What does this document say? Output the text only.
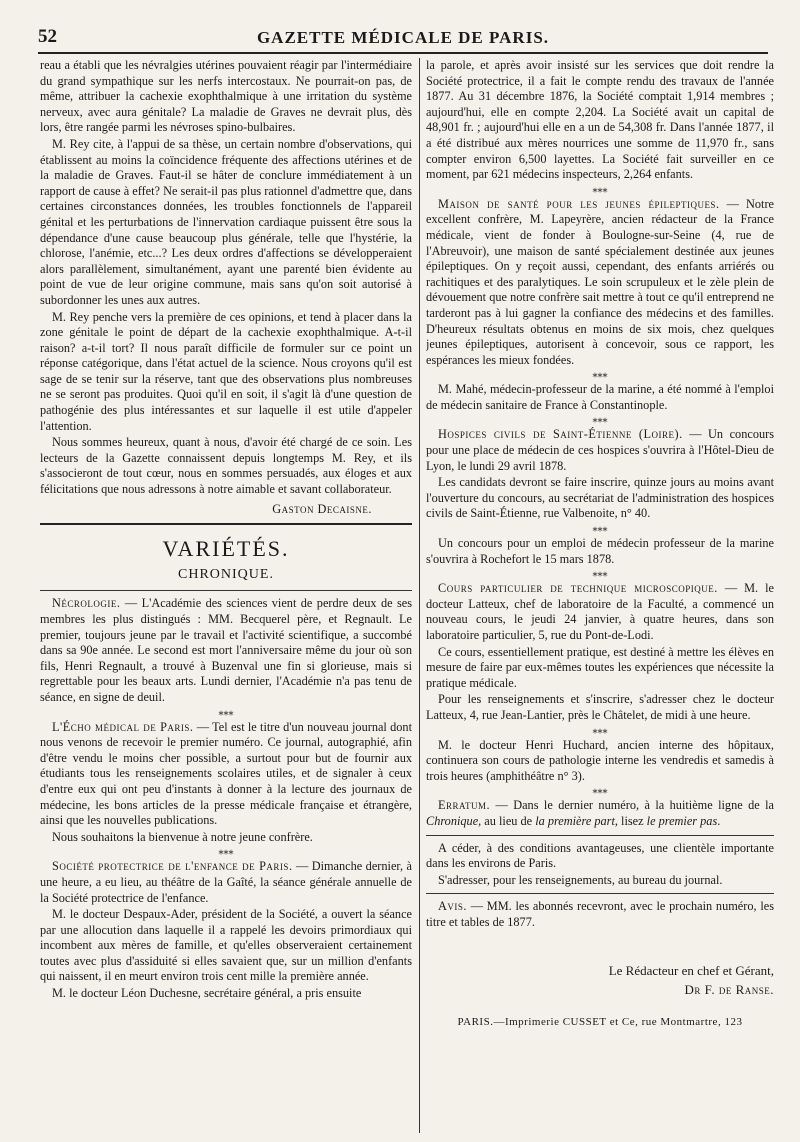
52	GAZETTE MÉDICALE DE PARIS.

reau a établi que les névralgies utérines pouvaient réagir par l'intermédiaire du grand sympathique sur les nerfs intercostaux. Ne pourrait-on pas, de même, attribuer la cachexie exophthalmique à une irritation du système nerveux, avec aura génitale? La maladie de Graves ne devrait plus, dès lors, être rangée parmi les névroses spino-bulbaires.

M. Rey cite, à l'appui de sa thèse, un certain nombre d'observations, qui établissent au moins la coïncidence fréquente des affections utérines et de la maladie de Graves. Faut-il se hâter de conclure immédiatement à un rapport de cause à effet? Ne serait-il pas plus rationnel d'admettre que, dans certaines circonstances données, les troubles fonctionnels de l'appareil génital et les perturbations de l'innervation cardiaque puissent être sous la dépendance d'une cause beaucoup plus générale, telle que l'hystérie, la chlorose, l'anémie, etc...? Les deux ordres d'affections se développeraient alors parallèlement, simultanément, ayant une parenté bien évidente au point de vue de leur origine commune, mais sans qu'on soit autorisé à subordonner les unes aux autres.

M. Rey penche vers la première de ces opinions, et tend à placer dans la zone génitale le point de départ de la cachexie exophthalmique. A-t-il raison? a-t-il tort? Il nous paraît difficile de formuler sur ce point un réponse catégorique, dans l'état actuel de la science. Nous croyons qu'il est sage de se tenir sur la réserve, tant que des observations plus nombreuses ne se seront pas produites. Quoi qu'il en soit, il s'agit là d'une question de pathogénie des plus intéressantes et sur laquelle il est utile d'appeler l'attention.

Nous sommes heureux, quant à nous, d'avoir été chargé de ce soin. Les lecteurs de la Gazette connaissent depuis longtemps M. Rey, et ils s'associeront de tout cœur, nous en sommes persuadés, aux éloges et aux félicitations que nous adressons à notre aimable et savant collaborateur.

Gaston Decaisne.
VARIÉTÉS.
CHRONIQUE.

Nécrologie. — L'Académie des sciences vient de perdre deux de ses membres les plus distingués : MM. Becquerel père, et Regnault. Le premier, toujours jeune par le travail et l'activité scientifique, a succombé dans sa 90e année. Le second est mort l'anniversaire même du jour où son fils, Henri Regnault, a trouvé à Buzenval une fin si glorieuse, mais si regrettable pour les beaux arts. Lundi dernier, l'Académie n'a pas tenu de séance, en signe de deuil.

⁎⁎⁎

L'Écho médical de Paris. — Tel est le titre d'un nouveau journal dont nous venons de recevoir le premier numéro. Ce journal, autographié, afin d'être vendu le moins cher possible, a surtout pour but de fournir aux étudiants tous les renseignements scolaires utiles, et de signaler à ceux d'entre eux qui ont peu d'instants à donner à la lecture des journaux de médecine, les bons articles de la presse médicale française et étrangère, ainsi que les nouvelles publications.

Nous souhaitons la bienvenue à notre jeune confrère.

⁎⁎⁎

Société protectrice de l'enfance de Paris. — Dimanche dernier, à une heure, a eu lieu, au théâtre de la Gaîté, la séance générale annuelle de la Société protectrice de l'enfance.

M. le docteur Despaux-Ader, président de la Société, a ouvert la séance par une allocution dans laquelle il a rappelé les devoirs primordiaux qui incombent aux mères de famille, et qu'elles observeraient certainement toutes avec plus d'assiduité si elles savaient que, sur un million d'enfants qui naissent, il en meurt environ trois cent mille la première année.

M. le docteur Léon Duchesne, secrétaire général, a pris ensuite

la parole, et après avoir insisté sur les services que doit rendre la Société protectrice, il a fait le compte rendu des travaux de l'année 1877. Au 31 décembre 1876, la Société comptait 1,914 membres ; aujourd'hui, elle en compte 2,204. La Société avait un capital de 48,901 fr. ; aujourd'hui elle en a un de 54,308 fr. Dans l'année 1877, il a été distribué aux mères nourrices une somme de 11,970 fr., sans compter environ 6,500 layettes. La Société fait surveiller en ce moment, par 621 médecins inspecteurs, 2,264 enfants.

⁎⁎⁎

Maison de santé pour les jeunes épileptiques. — Notre excellent confrère, M. Lapeyrère, ancien rédacteur de la France médicale, vient de fonder à Boulogne-sur-Seine (4, rue de l'Abreuvoir), une maison de santé spécialement destinée aux jeunes épileptiques. On y reçoit aussi, cependant, des enfants arriérés ou rachitiques et des paralytiques. Le soin scrupuleux et le zèle plein de dévouement que notre confrère sait mettre à tout ce qu'il entreprend ne tarderont pas à lui gagner la confiance des médecins et des familles. D'heureux résultats obtenus en moins de six mois, chez quelques jeunes épileptiques, autorisent à concevoir, sous ce rapport, les espérances les mieux fondées.

⁎⁎⁎

M. Mahé, médecin-professeur de la marine, a été nommé à l'emploi de médecin sanitaire de France à Constantinople.

⁎⁎⁎

Hospices civils de Saint-Étienne (Loire). — Un concours pour une place de médecin de ces hospices s'ouvrira à l'Hôtel-Dieu de Lyon, le lundi 29 avril 1878.

Les candidats devront se faire inscrire, quinze jours au moins avant l'ouverture du concours, au secrétariat de l'administration des hospices civils de Saint-Étienne, rue Valbenoite, n° 40.

⁎⁎⁎

Un concours pour un emploi de médecin professeur de la marine s'ouvrira à Rochefort le 15 mars 1878.

⁎⁎⁎

Cours particulier de technique microscopique. — M. le docteur Latteux, chef de laboratoire de la Faculté, a commencé un nouveau cours, le jeudi 24 janvier, à quatre heures, dans son laboratoire particulier, 5, rue du Pont-de-Lodi.

Ce cours, essentiellement pratique, est destiné à mettre les élèves en mesure de faire par eux-mêmes toutes les expériences que nécessite la pratique médicale.

Pour les renseignements et s'inscrire, s'adresser chez le docteur Latteux, 4, rue Jean-Lantier, près le Châtelet, de midi à une heure.

⁎⁎⁎

M. le docteur Henri Huchard, ancien interne des hôpitaux, continuera son cours de pathologie interne les vendredis et samedis à trois heures (amphithéâtre n° 3).

⁎⁎⁎

Erratum. — Dans le dernier numéro, à la huitième ligne de la Chronique, au lieu de la première part, lisez le premier pas.

A céder, à des conditions avantageuses, une clientèle importante dans les environs de Paris.

S'adresser, pour les renseignements, au bureau du journal.

Avis. — MM. les abonnés recevront, avec le prochain numéro, les titre et tables de 1877.

Le Rédacteur en chef et Gérant,
Dr F. de Ranse.
PARIS.—Imprimerie CUSSET et Ce, rue Montmartre, 123
